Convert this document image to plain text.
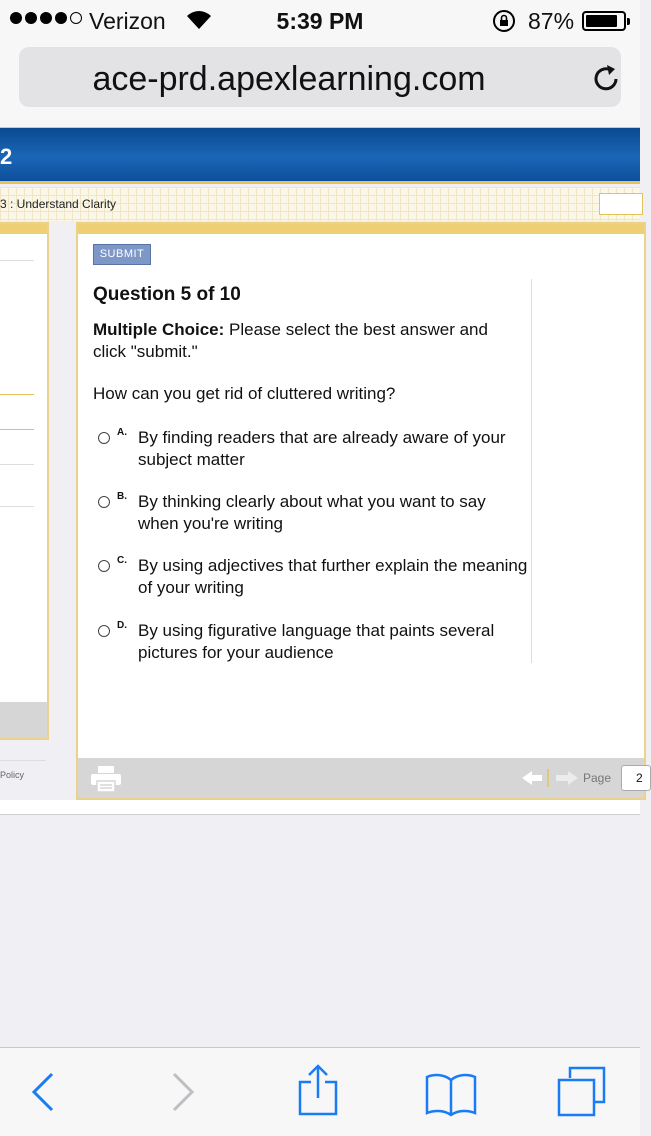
Verizon	5:39 PM	87%
ace-prd.apexlearning.com
2
3 : Understand Clarity
Policy
SUBMIT
Question 5 of 10
Multiple Choice: Please select the best answer and click "submit."
How can you get rid of cluttered writing?
A. By finding readers that are already aware of your subject matter
B. By thinking clearly about what you want to say when you're writing
C. By using adjectives that further explain the meaning of your writing
D. By using figurative language that paints several pictures for your audience
Page	2
